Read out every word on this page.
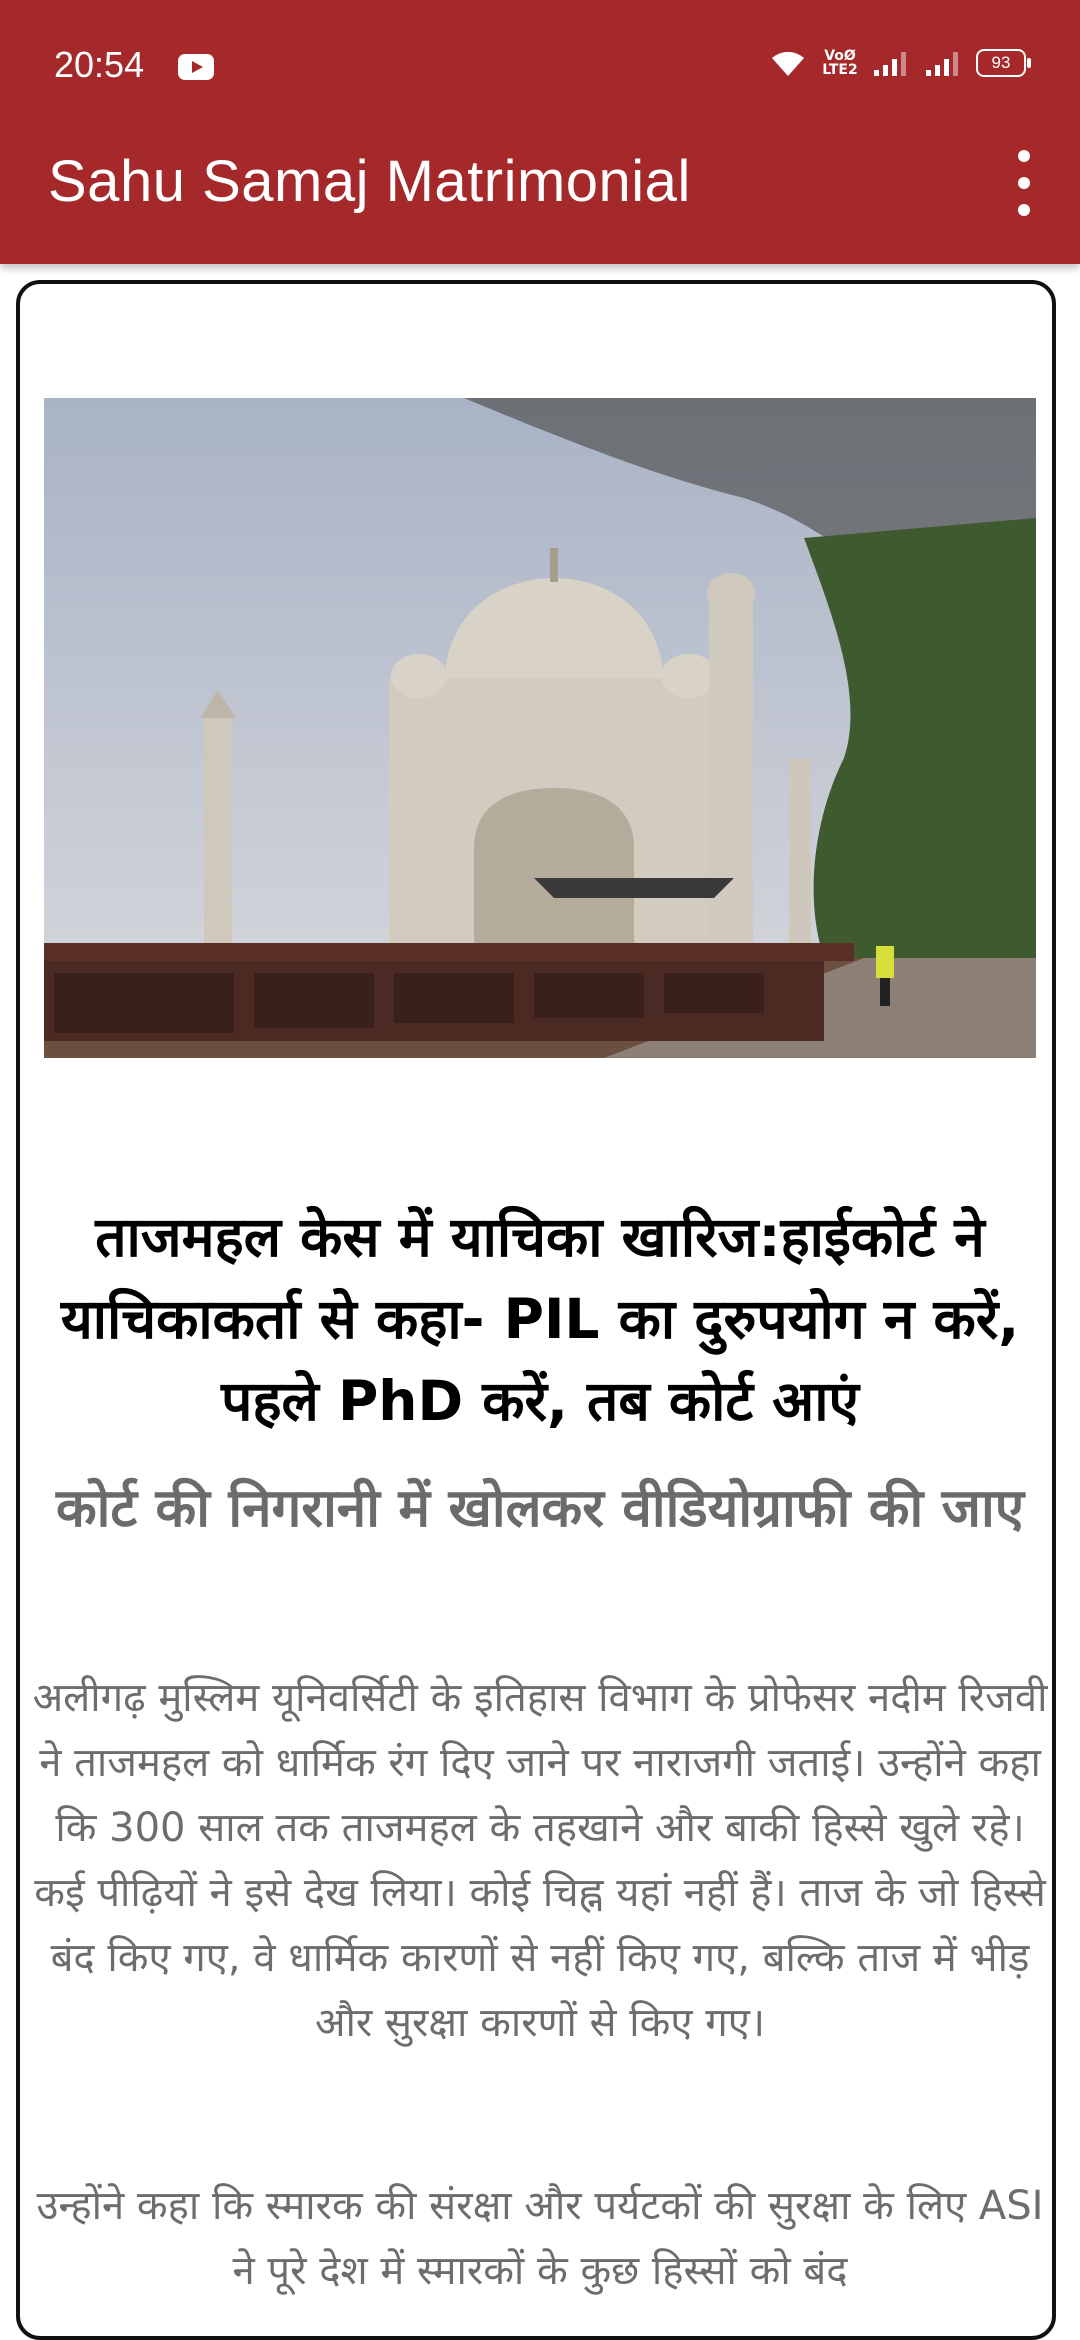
20:54	VoØ
LTE2	93
Sahu Samaj Matrimonial
ताजमहल केस में याचिका खारिज:हाईकोर्ट ने याचिकाकर्ता से कहा- PIL का दुरुपयोग न करें, पहले PhD करें, तब कोर्ट आएं
कोर्ट की निगरानी में खोलकर वीडियोग्राफी की जाए
अलीगढ़ मुस्लिम यूनिवर्सिटी के इतिहास विभाग के प्रोफेसर नदीम रिजवी ने ताजमहल को धार्मिक रंग दिए जाने पर नाराजगी जताई। उन्होंने कहा कि 300 साल तक ताजमहल के तहखाने और बाकी हिस्से खुले रहे। कई पीढ़ियों ने इसे देख लिया। कोई चिह्न यहां नहीं हैं। ताज के जो हिस्से बंद किए गए, वे धार्मिक कारणों से नहीं किए गए, बल्कि ताज में भीड़ और सुरक्षा कारणों से किए गए।
उन्होंने कहा कि स्मारक की संरक्षा और पर्यटकों की सुरक्षा के लिए ASI ने पूरे देश में स्मारकों के कुछ हिस्सों को बंद
